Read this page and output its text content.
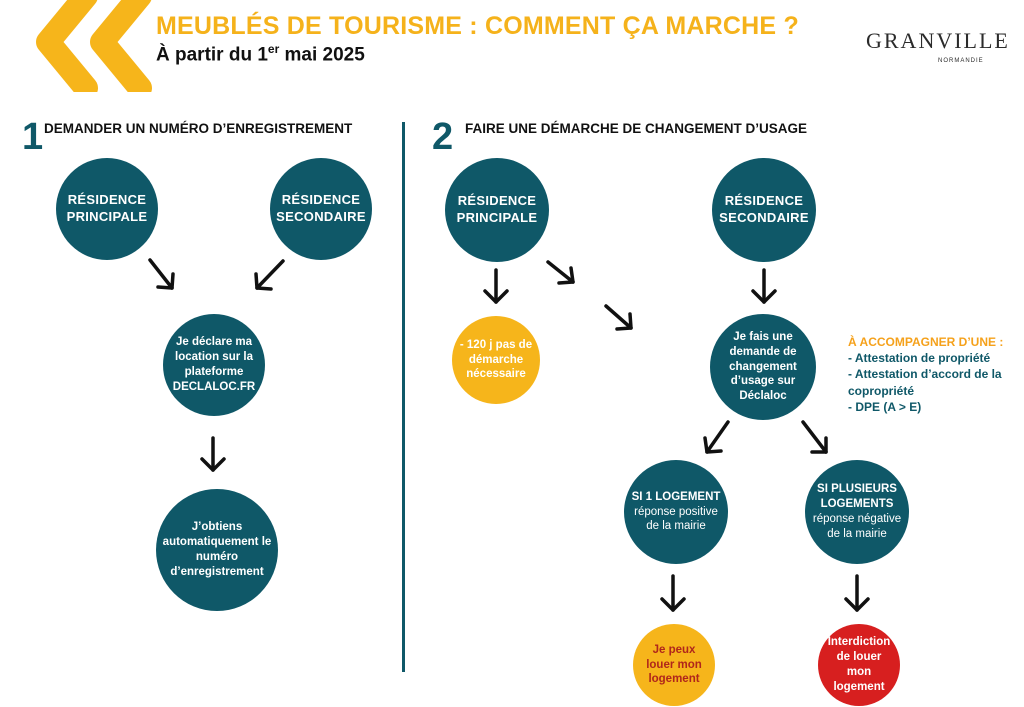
MEUBLÉS DE TOURISME : COMMENT ÇA MARCHE ?
À partir du 1er mai 2025
GRANVILLE
NORMANDIE
1 DEMANDER UN NUMÉRO D’ENREGISTREMENT
RÉSIDENCE PRINCIPALE
RÉSIDENCE SECONDAIRE
Je déclare ma location sur la plateforme DECLALOC.FR
J’obtiens automatiquement le numéro d’enregistrement
2 FAIRE UNE DÉMARCHE DE CHANGEMENT D’USAGE
RÉSIDENCE PRINCIPALE
RÉSIDENCE SECONDAIRE
- 120 j pas de démarche nécessaire
Je fais une demande de changement d’usage sur Déclaloc
SI 1 LOGEMENT
réponse positive de la mairie
SI PLUSIEURS LOGEMENTS
réponse négative de la mairie
Je peux louer mon logement
Interdiction de louer mon logement
À ACCOMPAGNER D’UNE :
- Attestation de propriété
- Attestation d’accord de la copropriété
- DPE (A > E)
